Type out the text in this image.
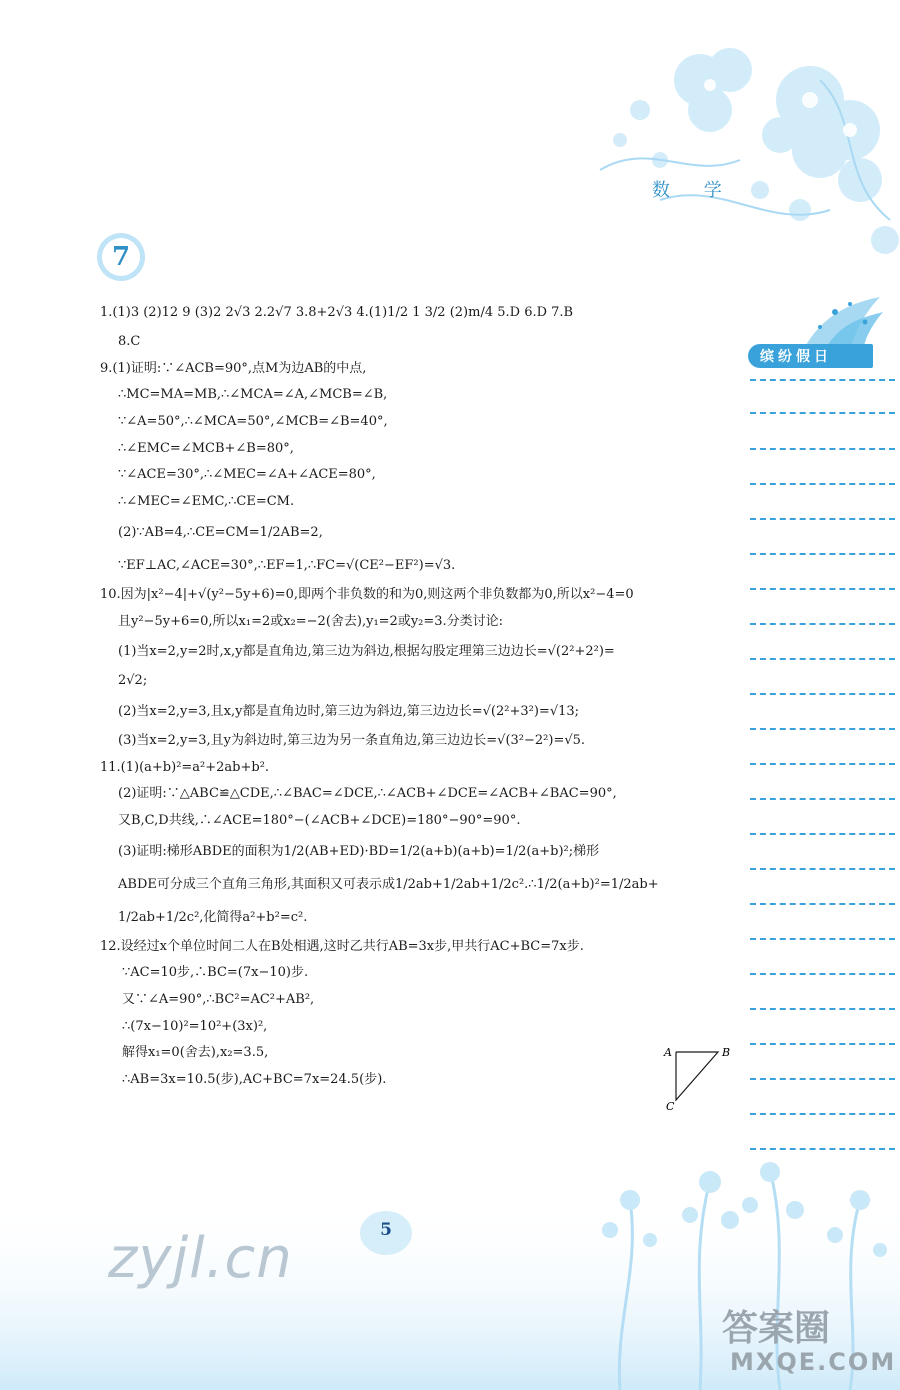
数 学
7
缤纷假日
1.(1)3 (2)12 9 (3)2 2√3 2.2√7 3.8+2√3 4.(1)1/2 1 3/2 (2)m/4 5.D 6.D 7.B
8.C
9.(1)证明:∵∠ACB=90°,点M为边AB的中点,
∴MC=MA=MB,∴∠MCA=∠A,∠MCB=∠B,
∵∠A=50°,∴∠MCA=50°,∠MCB=∠B=40°,
∴∠EMC=∠MCB+∠B=80°,
∵∠ACE=30°,∴∠MEC=∠A+∠ACE=80°,
∴∠MEC=∠EMC,∴CE=CM.
(2)∵AB=4,∴CE=CM=1/2AB=2,
∵EF⊥AC,∠ACE=30°,∴EF=1,∴FC=√(CE²−EF²)=√3.
10.因为|x²−4|+√(y²−5y+6)=0,即两个非负数的和为0,则这两个非负数都为0,所以x²−4=0
且y²−5y+6=0,所以x₁=2或x₂=−2(舍去),y₁=2或y₂=3.分类讨论:
(1)当x=2,y=2时,x,y都是直角边,第三边为斜边,根据勾股定理第三边边长=√(2²+2²)=
2√2;
(2)当x=2,y=3,且x,y都是直角边时,第三边为斜边,第三边边长=√(2²+3²)=√13;
(3)当x=2,y=3,且y为斜边时,第三边为另一条直角边,第三边边长=√(3²−2²)=√5.
11.(1)(a+b)²=a²+2ab+b².
(2)证明:∵△ABC≌△CDE,∴∠BAC=∠DCE,∴∠ACB+∠DCE=∠ACB+∠BAC=90°,
又B,C,D共线,∴∠ACE=180°−(∠ACB+∠DCE)=180°−90°=90°.
(3)证明:梯形ABDE的面积为1/2(AB+ED)·BD=1/2(a+b)(a+b)=1/2(a+b)²;梯形
ABDE可分成三个直角三角形,其面积又可表示成1/2ab+1/2ab+1/2c².∴1/2(a+b)²=1/2ab+
1/2ab+1/2c²,化简得a²+b²=c².
12.设经过x个单位时间二人在B处相遇,这时乙共行AB=3x步,甲共行AC+BC=7x步.
∵AC=10步,∴BC=(7x−10)步.
又∵∠A=90°,∴BC²=AC²+AB²,
∴(7x−10)²=10²+(3x)²,
解得x₁=0(舍去),x₂=3.5,
∴AB=3x=10.5(步),AC+BC=7x=24.5(步).
A	B
C
5
zyjl.cn
答案圈
MXQE.COM
